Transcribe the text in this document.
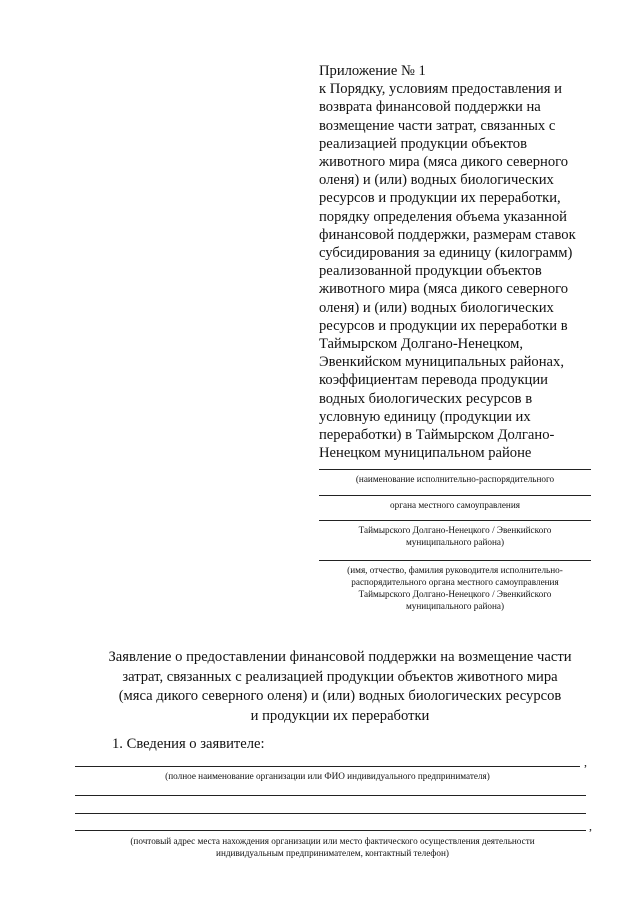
Приложение № 1
к Порядку, условиям предоставления и
возврата финансовой поддержки на
возмещение части затрат, связанных с
реализацией продукции объектов
животного мира (мяса дикого северного
оленя) и (или) водных биологических
ресурсов и продукции их переработки,
порядку определения объема указанной
финансовой поддержки, размерам ставок
субсидирования за единицу (килограмм)
реализованной продукции объектов
животного мира (мяса дикого северного
оленя) и (или) водных биологических
ресурсов и продукции их переработки в
Таймырском Долгано-Ненецком,
Эвенкийском муниципальных районах,
коэффициентам перевода продукции
водных биологических ресурсов в
условную единицу (продукции их
переработки) в Таймырском Долгано-
Ненецком муниципальном районе
(наименование исполнительно-распорядительного
органа местного самоуправления
Таймырского Долгано-Ненецкого / Эвенкийского
муниципального района)
(имя, отчество, фамилия руководителя исполнительно-
распорядительного органа местного самоуправления
Таймырского Долгано-Ненецкого / Эвенкийского
муниципального района)
Заявление о предоставлении финансовой поддержки на возмещение части
затрат, связанных с реализацией продукции объектов животного мира
(мяса дикого северного оленя) и (или) водных биологических ресурсов
и продукции их переработки
1. Сведения о заявителе:
,
(полное наименование организации или ФИО индивидуального предпринимателя)
,
(почтовый адрес места нахождения организации или место фактического осуществления деятельности
индивидуальным предпринимателем, контактный телефон)
